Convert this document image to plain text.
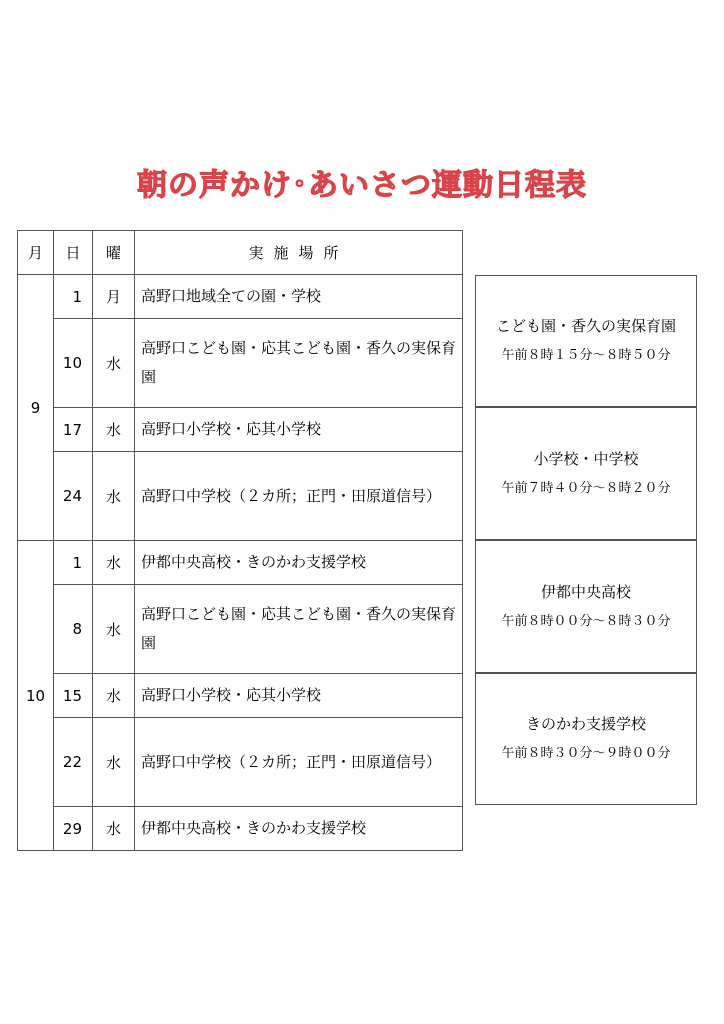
朝の声かけ･あいさつ運動日程表
月	日	曜	実施場所
9	1	月	高野口地域全ての園・学校
	10	水	高野口こども園・応其こども園・香久の実保育園
	17	水	高野口小学校・応其小学校
	24	水	高野口中学校（２カ所；正門・田原道信号）
10	1	水	伊都中央高校・きのかわ支援学校
	8	水	高野口こども園・応其こども園・香久の実保育園
	15	水	高野口小学校・応其小学校
	22	水	高野口中学校（２カ所；正門・田原道信号）
	29	水	伊都中央高校・きのかわ支援学校
こども園・香久の実保育園
午前８時１５分～８時５０分
小学校・中学校
午前７時４０分～８時２０分
伊都中央高校
午前８時００分～８時３０分
きのかわ支援学校
午前８時３０分～９時００分
